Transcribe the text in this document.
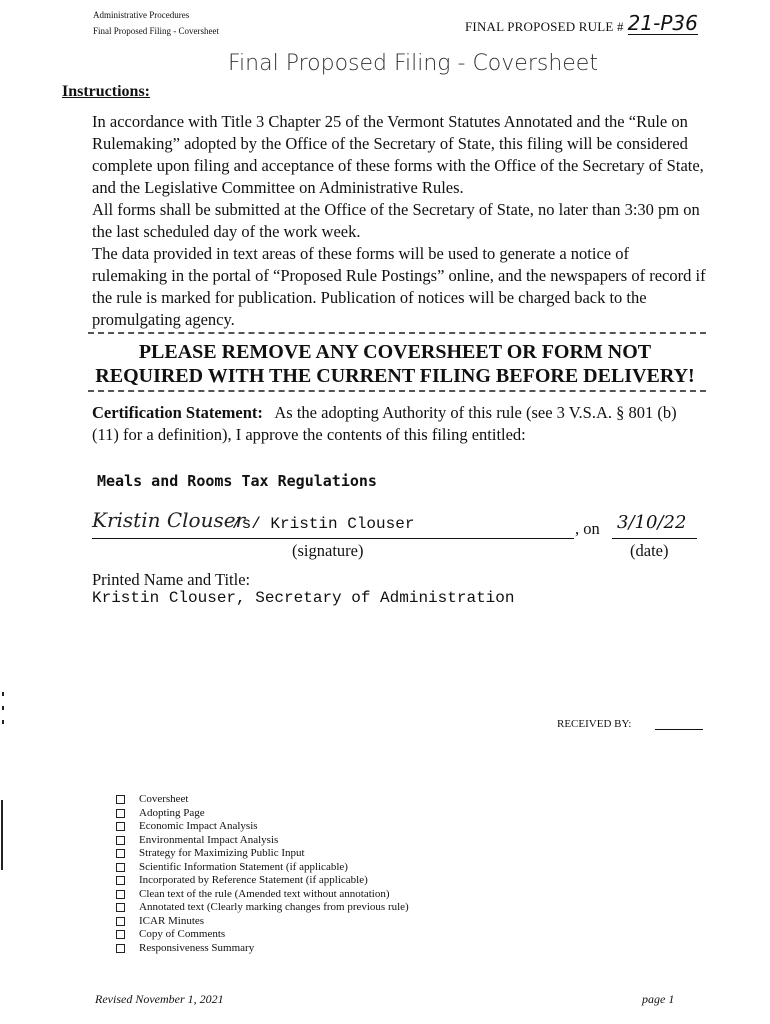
Administrative Procedures
Final Proposed Filing - Coversheet	FINAL PROPOSED RULE # 21-P36
Final Proposed Filing - Coversheet
Instructions:
In accordance with Title 3 Chapter 25 of the Vermont Statutes Annotated and the “Rule on Rulemaking” adopted by the Office of the Secretary of State, this filing will be considered complete upon filing and acceptance of these forms with the Office of the Secretary of State, and the Legislative Committee on Administrative Rules.
All forms shall be submitted at the Office of the Secretary of State, no later than 3:30 pm on the last scheduled day of the work week.
The data provided in text areas of these forms will be used to generate a notice of rulemaking in the portal of “Proposed Rule Postings” online, and the newspapers of record if the rule is marked for publication. Publication of notices will be charged back to the promulgating agency.
PLEASE REMOVE ANY COVERSHEET OR FORM NOT
REQUIRED WITH THE CURRENT FILING BEFORE DELIVERY!
Certification Statement: As the adopting Authority of this rule (see 3 V.S.A. § 801 (b) (11) for a definition), I approve the contents of this filing entitled:
Meals and Rooms Tax Regulations
Kristin Clouser
/s/ Kristin Clouser
(signature)
, on 3/10/22
(date)
Printed Name and Title:
Kristin Clouser, Secretary of Administration
RECEIVED BY:
Coversheet
Adopting Page
Economic Impact Analysis
Environmental Impact Analysis
Strategy for Maximizing Public Input
Scientific Information Statement (if applicable)
Incorporated by Reference Statement (if applicable)
Clean text of the rule (Amended text without annotation)
Annotated text (Clearly marking changes from previous rule)
ICAR Minutes
Copy of Comments
Responsiveness Summary
Revised November 1, 2021	page 1
